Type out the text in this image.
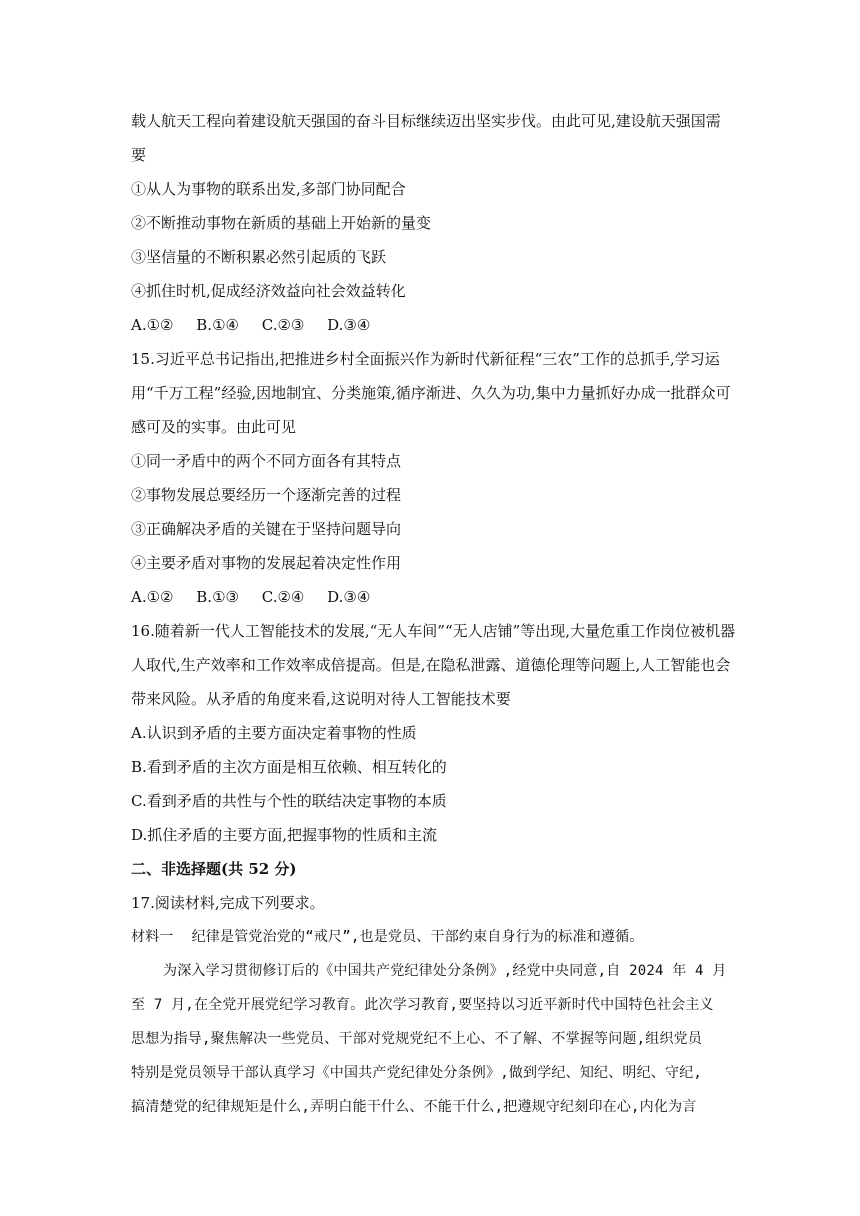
载人航天工程向着建设航天强国的奋斗目标继续迈出坚实步伐。由此可见,建设航天强国需
要
①从人为事物的联系出发,多部门协同配合
②不断推动事物在新质的基础上开始新的量变
③坚信量的不断积累必然引起质的飞跃
④抓住时机,促成经济效益向社会效益转化
A.①② B.①④ C.②③ D.③④
15.习近平总书记指出,把推进乡村全面振兴作为新时代新征程“三农”工作的总抓手,学习运
用“千万工程”经验,因地制宜、分类施策,循序渐进、久久为功,集中力量抓好办成一批群众可
感可及的实事。由此可见
①同一矛盾中的两个不同方面各有其特点
②事物发展总要经历一个逐渐完善的过程
③正确解决矛盾的关键在于坚持问题导向
④主要矛盾对事物的发展起着决定性作用
A.①② B.①③ C.②④ D.③④
16.随着新一代人工智能技术的发展,“无人车间”“无人店铺”等出现,大量危重工作岗位被机器
人取代,生产效率和工作效率成倍提高。但是,在隐私泄露、道德伦理等问题上,人工智能也会
带来风险。从矛盾的角度来看,这说明对待人工智能技术要
A.认识到矛盾的主要方面决定着事物的性质
B.看到矛盾的主次方面是相互依赖、相互转化的
C.看到矛盾的共性与个性的联结决定事物的本质
D.抓住矛盾的主要方面,把握事物的性质和主流
二、非选择题(共 52 分)
17.阅读材料,完成下列要求。
材料一 纪律是管党治党的“戒尺”,也是党员、干部约束自身行为的标准和遵循。
为深入学习贯彻修订后的《中国共产党纪律处分条例》,经党中央同意,自 2024 年 4 月
至 7 月,在全党开展党纪学习教育。此次学习教育,要坚持以习近平新时代中国特色社会主义
思想为指导,聚焦解决一些党员、干部对党规党纪不上心、不了解、不掌握等问题,组织党员
特别是党员领导干部认真学习《中国共产党纪律处分条例》,做到学纪、知纪、明纪、守纪,
搞清楚党的纪律规矩是什么,弄明白能干什么、不能干什么,把遵规守纪刻印在心,内化为言
